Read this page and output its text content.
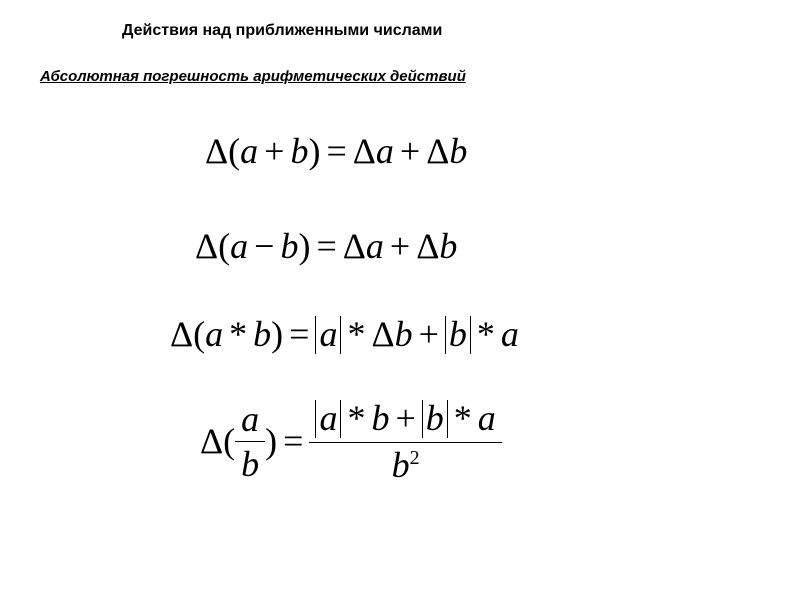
Действия над приближенными числами
Абсолютная погрешность арифметических действий
Δ(a + b) = Δa + Δb
Δ(a − b) = Δa + Δb
Δ(a * b) = a * Δb + b * a
$\Delta( \frac{a}{b}$ ) = $\frac{a * b + b * a}{b^2}$
